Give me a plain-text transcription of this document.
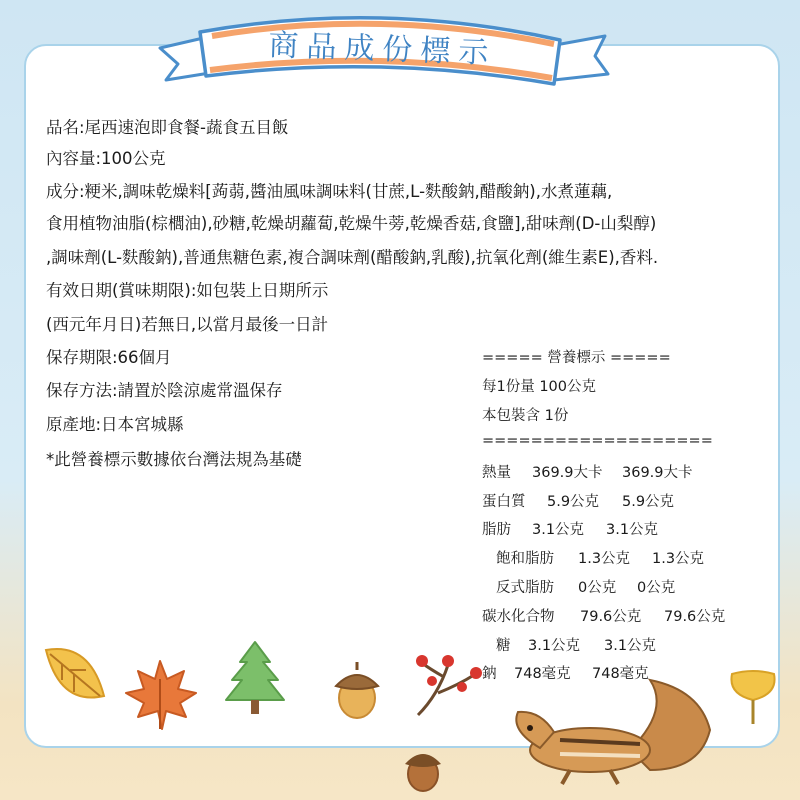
商品成份標示
品名:尾西速泡即食餐-蔬食五目飯
內容量:100公克
成分:粳米,調味乾燥料[蒟蒻,醬油風味調味料(甘蔗,L-麩酸鈉,醋酸鈉),水煮蓮藕,
食用植物油脂(棕櫚油),砂糖,乾燥胡蘿蔔,乾燥牛蒡,乾燥香菇,食鹽],甜味劑(D-山梨醇)
,調味劑(L-麩酸鈉),普通焦糖色素,複合調味劑(醋酸鈉,乳酸),抗氧化劑(維生素E),香料.
有效日期(賞味期限):如包裝上日期所示
(西元年月日)若無日,以當月最後一日計
保存期限:66個月
保存方法:請置於陰涼處常溫保存
原產地:日本宮城縣
*此營養標示數據依台灣法規為基礎
===== 營養標示 =====
每1份量 100公克
本包裝含 1份
===================
熱量 369.9大卡 369.9大卡
蛋白質 5.9公克 5.9公克
脂肪 3.1公克 3.1公克
飽和脂肪 1.3公克 1.3公克
反式脂肪 0公克 0公克
碳水化合物 79.6公克 79.6公克
糖 3.1公克 3.1公克
鈉 748毫克 748毫克
